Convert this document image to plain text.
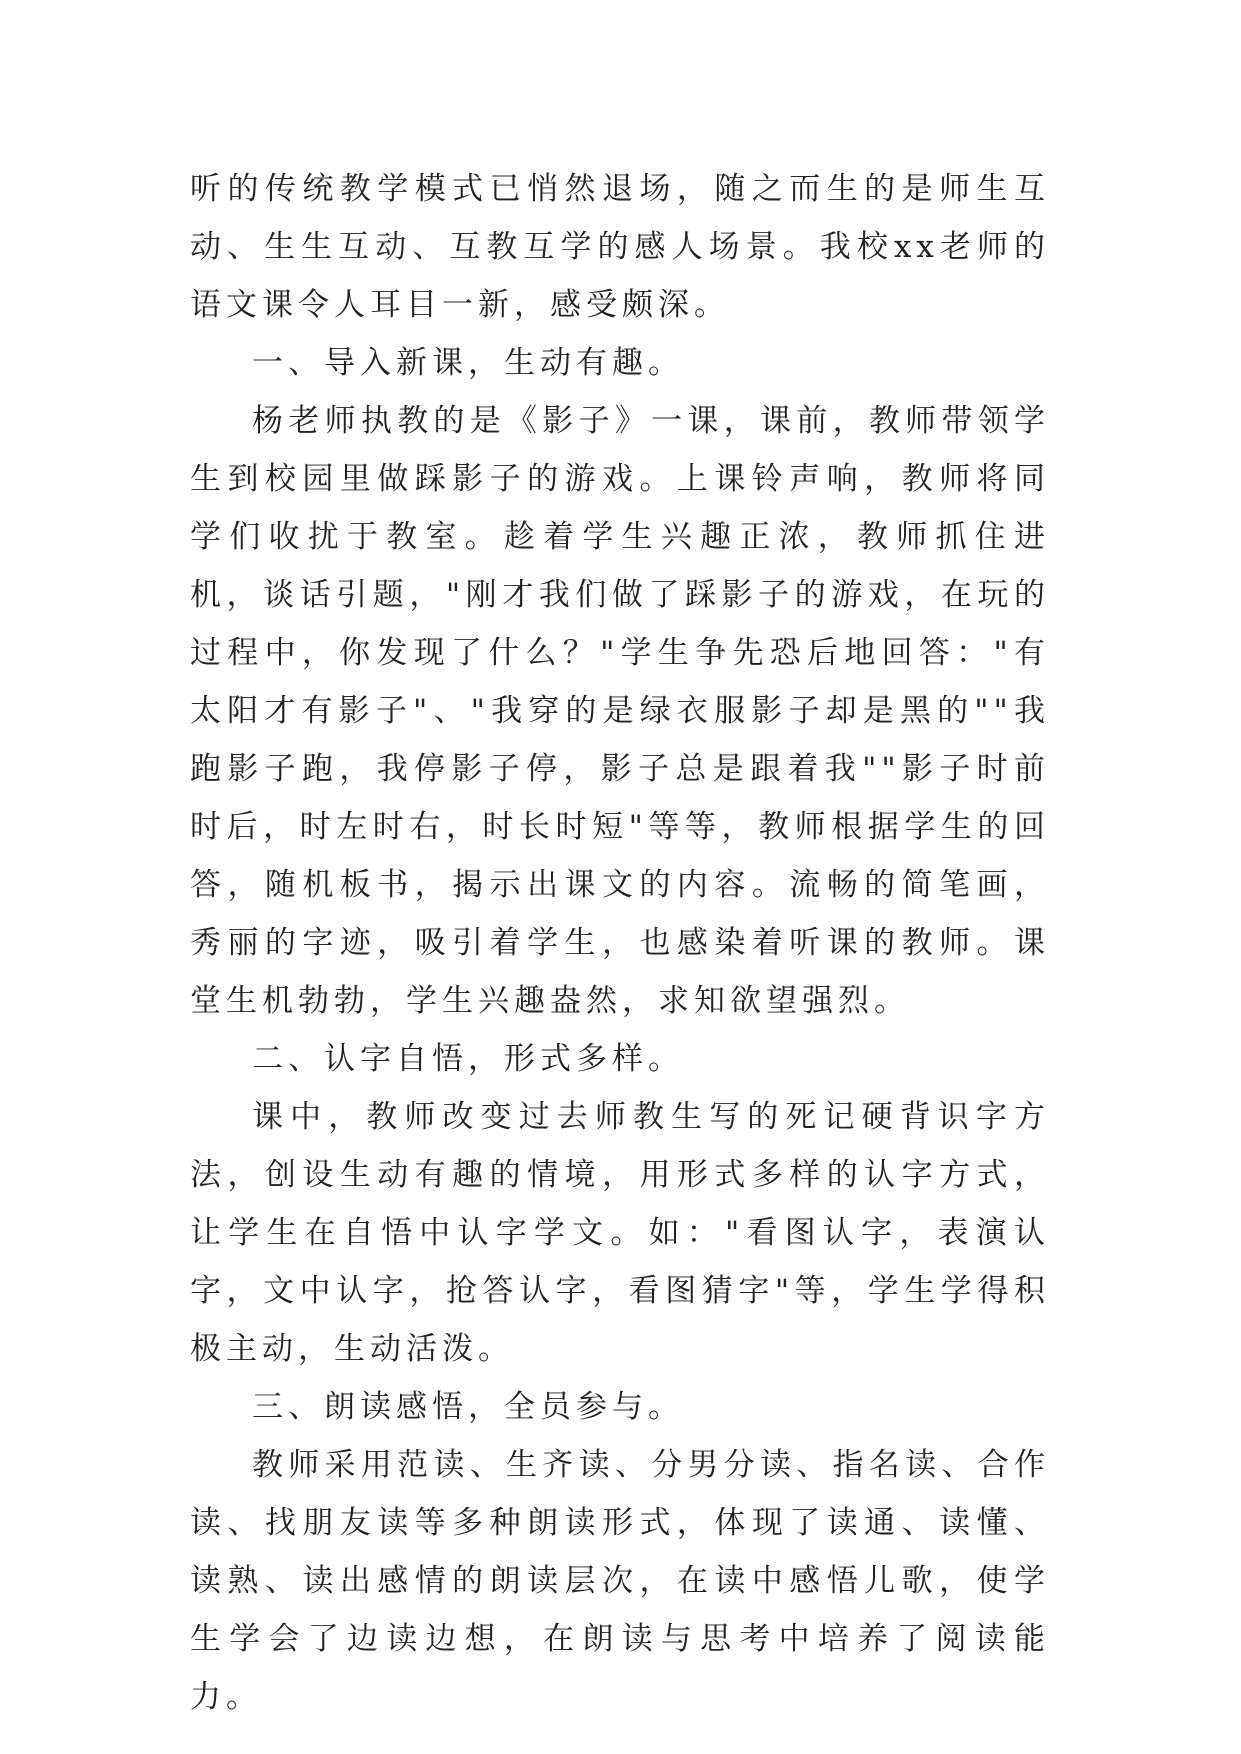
听的传统教学模式已悄然退场，随之而生的是师生互动、生生互动、互教互学的感人场景。我校xx老师的语文课令人耳目一新，感受颇深。

一、导入新课，生动有趣。

杨老师执教的是《影子》一课，课前，教师带领学生到校园里做踩影子的游戏。上课铃声响，教师将同学们收扰于教室。趁着学生兴趣正浓，教师抓住进机，谈话引题，"刚才我们做了踩影子的游戏，在玩的过程中，你发现了什么？"学生争先恐后地回答："有太阳才有影子"、"我穿的是绿衣服影子却是黑的""我跑影子跑，我停影子停，影子总是跟着我""影子时前时后，时左时右，时长时短"等等，教师根据学生的回答，随机板书，揭示出课文的内容。流畅的简笔画，秀丽的字迹，吸引着学生，也感染着听课的教师。课堂生机勃勃，学生兴趣盎然，求知欲望强烈。

二、认字自悟，形式多样。

课中，教师改变过去师教生写的死记硬背识字方法，创设生动有趣的情境，用形式多样的认字方式，让学生在自悟中认字学文。如："看图认字，表演认字，文中认字，抢答认字，看图猜字"等，学生学得积极主动，生动活泼。

三、朗读感悟，全员参与。

教师采用范读、生齐读、分男分读、指名读、合作读、找朋友读等多种朗读形式，体现了读通、读懂、读熟、读出感情的朗读层次，在读中感悟儿歌，使学生学会了边读边想，在朗读与思考中培养了阅读能力。
